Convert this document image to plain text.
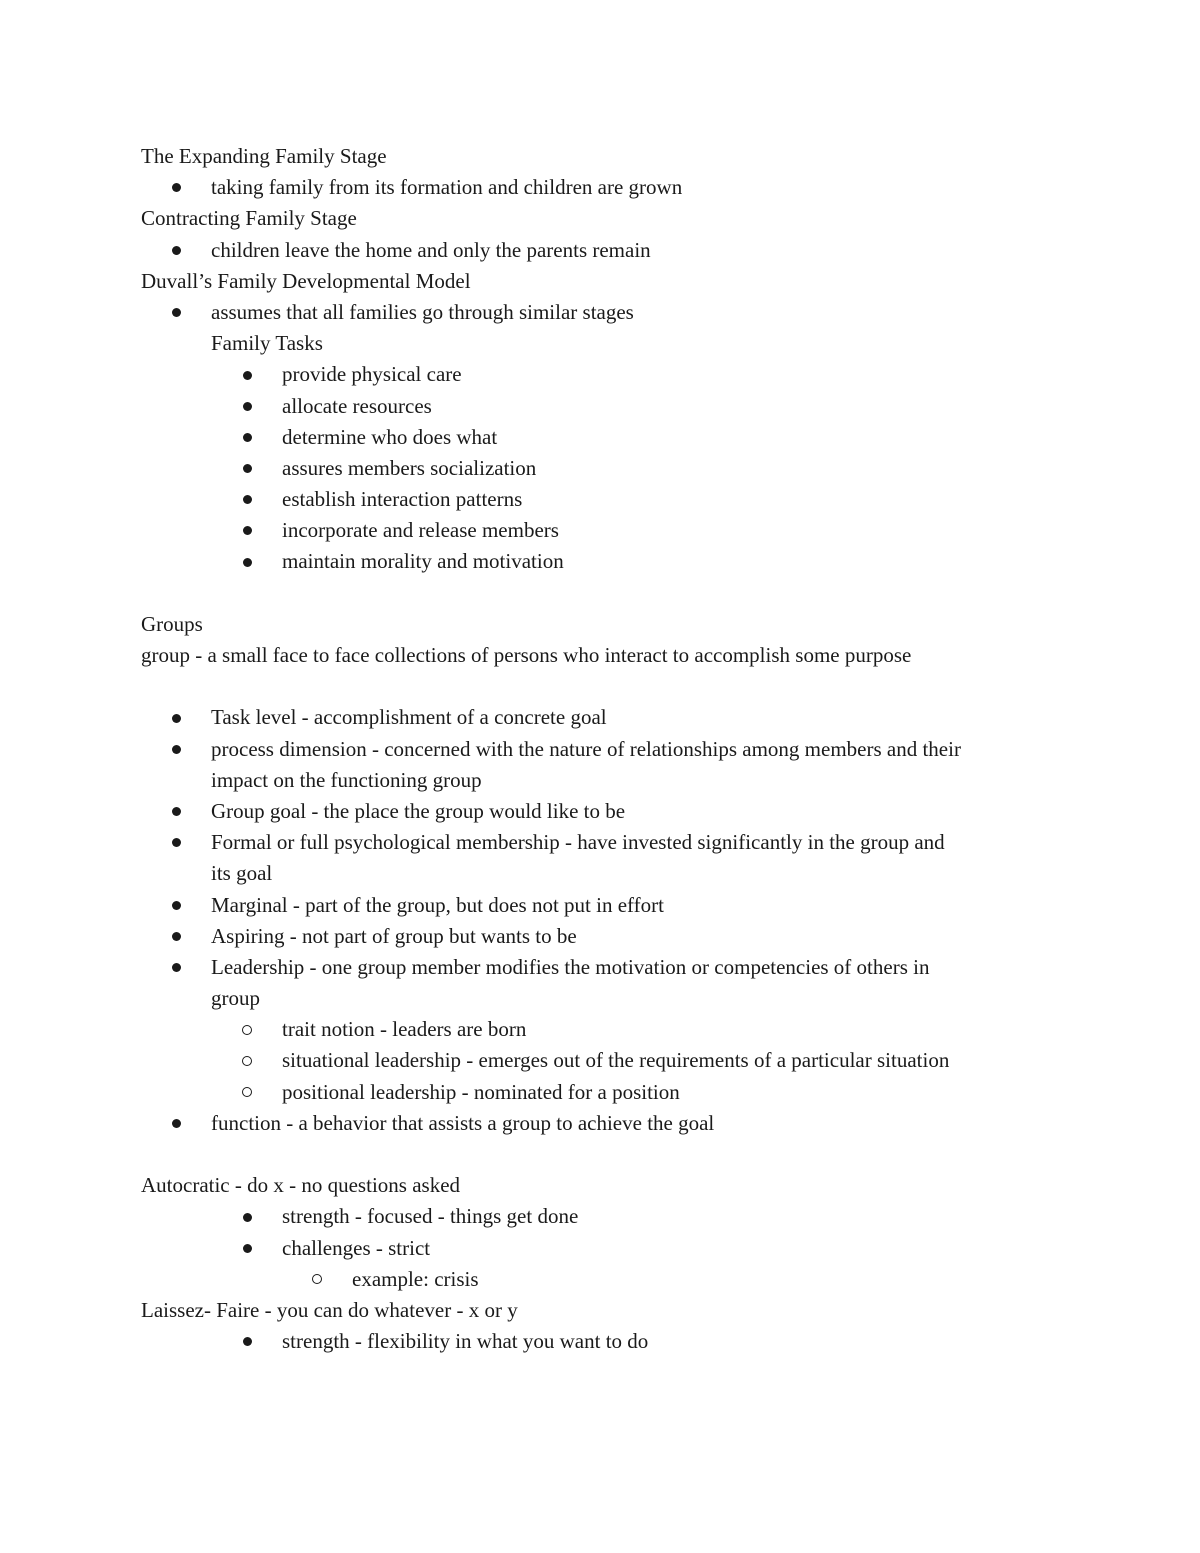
The Expanding Family Stage
taking family from its formation and children are grown
Contracting Family Stage
children leave the home and only the parents remain
Duvall’s Family Developmental Model
assumes that all families go through similar stages
Family Tasks
provide physical care
allocate resources
determine who does what
assures members socialization
establish interaction patterns
incorporate and release members
maintain morality and motivation
Groups
group - a small face to face collections of persons who interact to accomplish some purpose
Task level - accomplishment of a concrete goal
process dimension - concerned with the nature of relationships among members and their
impact on the functioning group
Group goal - the place the group would like to be
Formal or full psychological membership - have invested significantly in the group and
its goal
Marginal - part of the group, but does not put in effort
Aspiring - not part of group but wants to be
Leadership - one group member modifies the motivation or competencies of others in
group
trait notion - leaders are born
situational leadership - emerges out of the requirements of a particular situation
positional leadership - nominated for a position
function - a behavior that assists a group to achieve the goal
Autocratic - do x - no questions asked
strength - focused - things get done
challenges - strict
example: crisis
Laissez- Faire - you can do whatever - x or y
strength - flexibility in what you want to do
